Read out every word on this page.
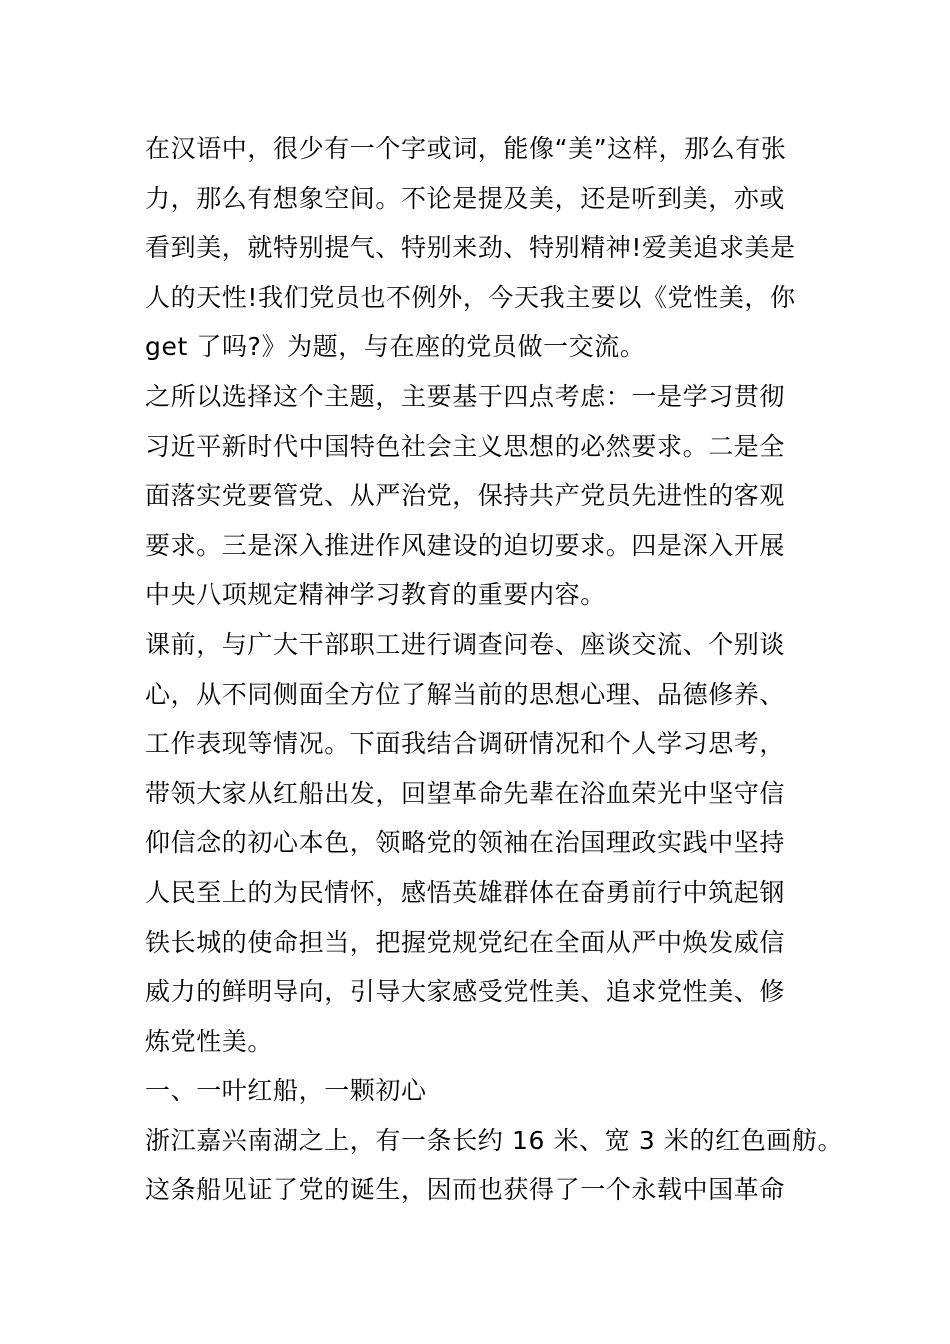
在汉语中，很少有一个字或词，能像“美”这样，那么有张
力，那么有想象空间。不论是提及美，还是听到美，亦或
看到美，就特别提气、特别来劲、特别精神!爱美追求美是
人的天性!我们党员也不例外，今天我主要以《党性美，你
get 了吗?》为题，与在座的党员做一交流。
之所以选择这个主题，主要基于四点考虑：一是学习贯彻
习近平新时代中国特色社会主义思想的必然要求。二是全
面落实党要管党、从严治党，保持共产党员先进性的客观
要求。三是深入推进作风建设的迫切要求。四是深入开展
中央八项规定精神学习教育的重要内容。
课前，与广大干部职工进行调查问卷、座谈交流、个别谈
心，从不同侧面全方位了解当前的思想心理、品德修养、
工作表现等情况。下面我结合调研情况和个人学习思考，
带领大家从红船出发，回望革命先辈在浴血荣光中坚守信
仰信念的初心本色，领略党的领袖在治国理政实践中坚持
人民至上的为民情怀，感悟英雄群体在奋勇前行中筑起钢
铁长城的使命担当，把握党规党纪在全面从严中焕发威信
威力的鲜明导向，引导大家感受党性美、追求党性美、修
炼党性美。
一、一叶红船，一颗初心
浙江嘉兴南湖之上，有一条长约 16 米、宽 3 米的红色画舫。
这条船见证了党的诞生，因而也获得了一个永载中国革命
